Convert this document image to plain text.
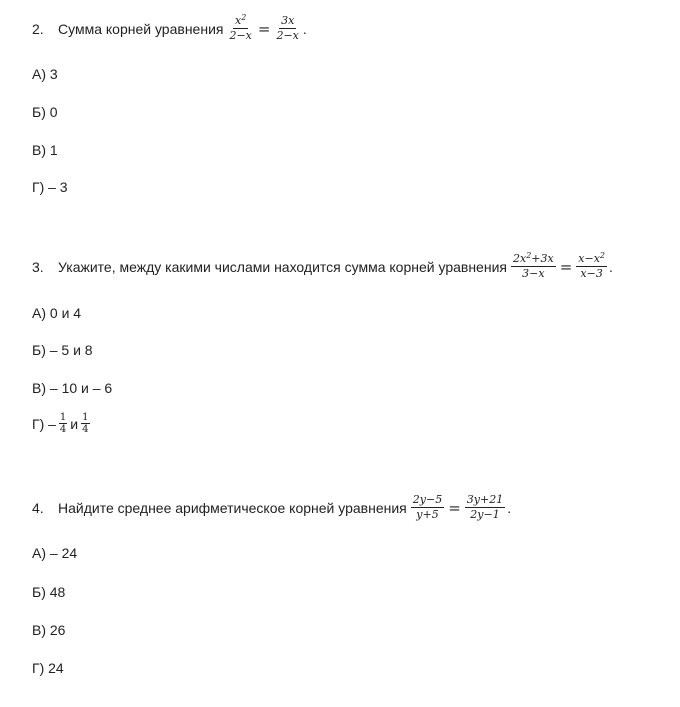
2.	Сумма корней уравнения $\frac{x^2}{2-x} = \frac{3x}{2-x}$ .
А) 3
Б) 0
В) 1
Г) – 3
3.	Укажите, между какими числами находится сумма корней уравнения $\frac{2x^2+3x}{3-x} = \frac{x-x^2}{x-3}$ .
А) 0 и 4
Б) – 5 и 8
В) – 10 и – 6
$Г) - \frac{1}{4}$ и $\frac{1}{4}$
4.	Найдите среднее арифметическое корней уравнения $\frac{2y-5}{y+5} = \frac{3y+21}{2y-1}$ .
А) – 24
Б) 48
В) 26
Г) 24
